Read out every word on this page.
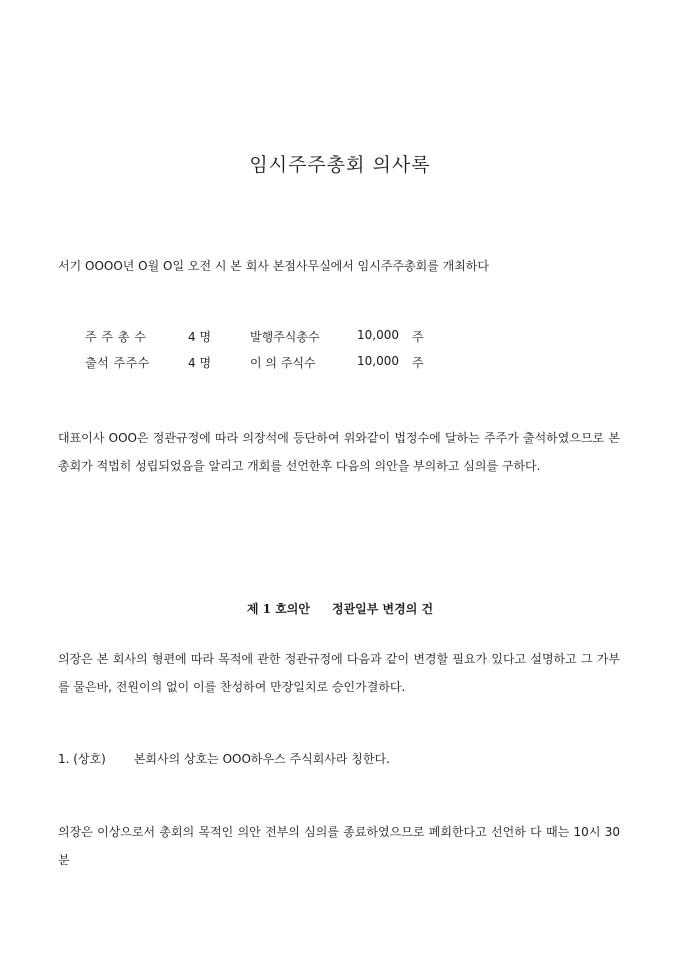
임시주주총회 의사록
서기 OOOO년 O월 O일 오전 시 본 회사 본점사무실에서 임시주주총회를 개최하다
주 주 총 수	4 명	발행주식총수	10,000 주
출석 주주수	4 명	이 의 주식수	10,000 주
대표이사 OOO은 정관규정에 따라 의장석에 등단하여 위와같이 법정수에 달하는 주주가 출석하였으므로 본 총회가 적법히 성립되었음을 알리고 개회를 선언한후 다음의 의안을 부의하고 심의를 구하다.
제 1 호의안 정관일부 변경의 건
의장은 본 회사의 형편에 따라 목적에 관한 정관규정에 다음과 같이 변경할 필요가 있다고 설명하고 그 가부를 물은바, 전원이의 없이 이를 찬성하여 만장일치로 승인가결하다.
1. (상호) 본회사의 상호는 OOO하우스 주식회사라 칭한다.
의장은 이상으로서 총회의 목적인 의안 전부의 심의를 종료하였으므로 폐회한다고 선언하 다 때는 10시 30분
